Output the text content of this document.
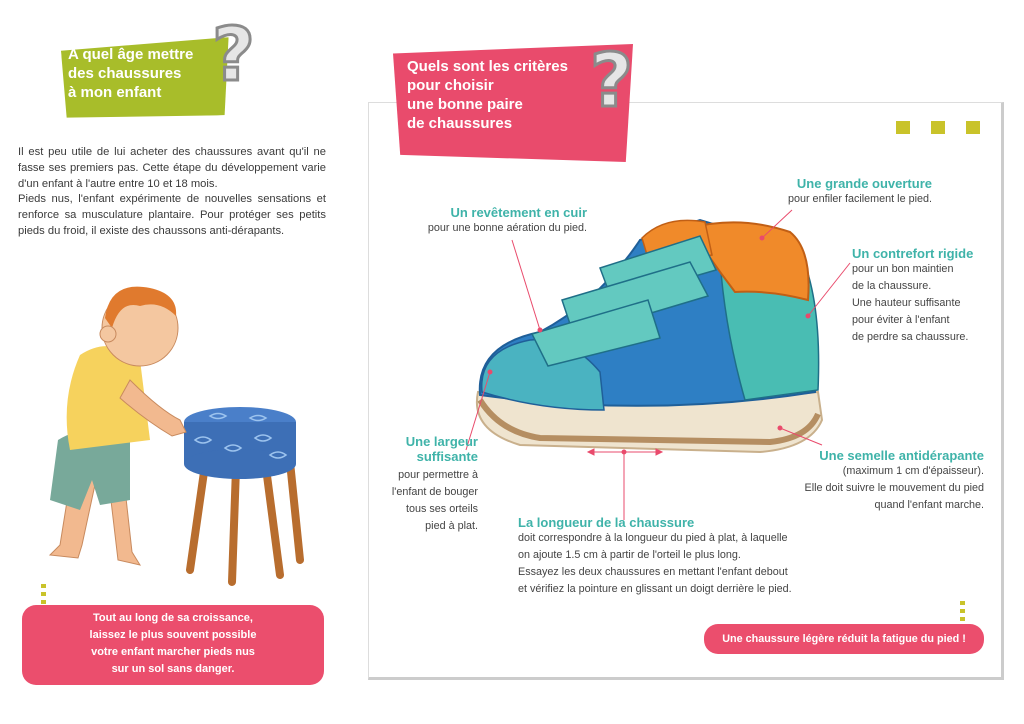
A quel âge mettre
des chaussures
à mon enfant ?

Il est peu utile de lui acheter des chaussures avant qu'il ne fasse ses premiers pas. Cette étape du développement varie d'un enfant à l'autre entre 10 et 18 mois.

Pieds nus, l'enfant expérimente de nouvelles sensations et renforce sa musculature plantaire. Pour protéger ses petits pieds du froid, il existe des chaussons anti-dérapants.

Tout au long de sa croissance,
laissez le plus souvent possible
votre enfant marcher pieds nus
sur un sol sans danger.
Quels sont les critères
pour choisir
une bonne paire
de chaussures	?
Un revêtement en cuir
pour une bonne aération du pied.
Une grande ouverture
pour enfiler facilement le pied.
Un contrefort rigide
pour un bon maintien
de la chaussure.
Une hauteur suffisante
pour éviter à l'enfant
de perdre sa chaussure.
Une largeur
suffisante
pour permettre à
l'enfant de bouger
tous ses orteils
pied à plat.
Une semelle antidérapante
(maximum 1 cm d'épaisseur).
Elle doit suivre le mouvement du pied
quand l'enfant marche.
La longueur de la chaussure
doit correspondre à la longueur du pied à plat, à laquelle
on ajoute 1.5 cm à partir de l'orteil le plus long.
Essayez les deux chaussures en mettant l'enfant debout
et vérifiez la pointure en glissant un doigt derrière le pied.
Une chaussure légère réduit la fatigue du pied !
